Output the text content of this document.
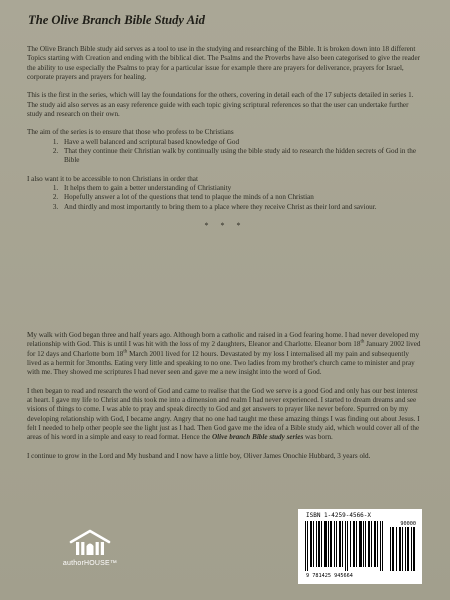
The Olive Branch Bible Study Aid

The Olive Branch Bible study aid serves as a tool to use in the studying and researching of the Bible. It is broken down into 18 different Topics starting with Creation and ending with the biblical diet. The Psalms and the Proverbs have also been categorised to give the reader the ability to use especially the Psalms to pray for a particular issue for example there are prayers for deliverance, prayers for Israel, corporate prayers and prayers for healing.

This is the first in the series, which will lay the foundations for the others, covering in detail each of the 17 subjects detailed in series 1. The study aid also serves as an easy reference guide with each topic giving scriptural references so that the user can undertake further study and research on their own.

The aim of the series is to ensure that those who profess to be Christians

1. Have a well balanced and scriptural based knowledge of God
2. That they continue their Christian walk by continually using the bible study aid to research the hidden secrets of God in the Bible

I also want it to be accessible to non Christians in order that

1. It helps them to gain a better understanding of Christianity
2. Hopefully answer a lot of the questions that tend to plaque the minds of a non Christian
3. And thirdly and most importantly to bring them to a place where they receive Christ as their lord and saviour.
* * *

My walk with God began three and half years ago. Although born a catholic and raised in a God fearing home. I had never developed my relationship with God. This is until I was hit with the loss of my 2 daughters, Eleanor and Charlotte. Eleanor born 18th January 2002 lived for 12 days and Charlotte born 18th March 2001 lived for 12 hours. Devastated by my loss I internalised all my pain and subsequently lived as a hermit for 3months. Eating very little and speaking to no one. Two ladies from my brother's church came to minister and pray with me. They showed me scriptures I had never seen and gave me a new insight into the word of God.

I then began to read and research the word of God and came to realise that the God we serve is a good God and only has our best interest at heart. I gave my life to Christ and this took me into a dimension and realm I had never experienced. I started to dream dreams and see visions of things to come. I was able to pray and speak directly to God and get answers to prayer like never before. Spurred on by my developing relationship with God, I became angry. Angry that no one had taught me these amazing things I was finding out about Jesus. I felt I needed to help other people see the light just as I had. Then God gave me the idea of a Bible study aid, which would cover all of the areas of his word in a simple and easy to read format. Hence the Olive branch Bible study series was born.

I continue to grow in the Lord and My husband and I now have a little boy, Oliver James Onochie Hubbard, 3 years old.

authorHOUSE™
ISBN 1-4259-4566-X
90000
9 781425 945664
